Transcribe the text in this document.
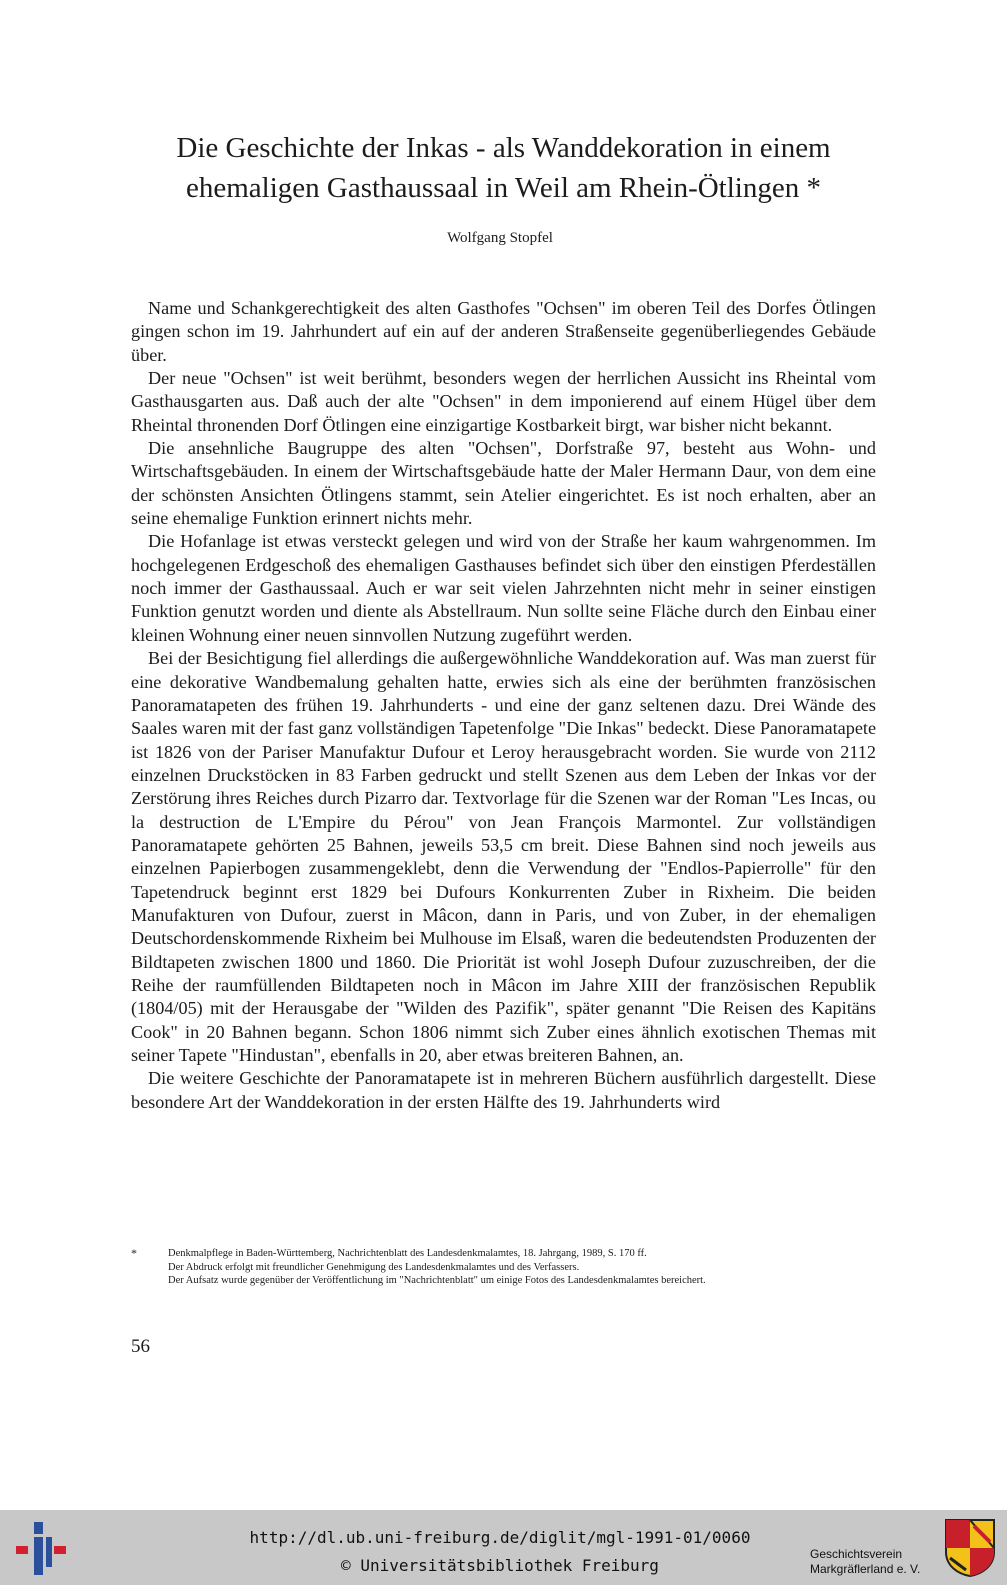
Die Geschichte der Inkas - als Wanddekoration in einem
ehemaligen Gasthaussaal in Weil am Rhein-Ötlingen *
Wolfgang Stopfel

Name und Schankgerechtigkeit des alten Gasthofes "Ochsen" im oberen Teil des Dorfes Ötlingen gingen schon im 19. Jahrhundert auf ein auf der anderen Straßenseite gegenüberliegendes Gebäude über.

Der neue "Ochsen" ist weit berühmt, besonders wegen der herrlichen Aussicht ins Rheintal vom Gasthausgarten aus. Daß auch der alte "Ochsen" in dem imponierend auf einem Hügel über dem Rheintal thronenden Dorf Ötlingen eine einzigartige Kostbarkeit birgt, war bisher nicht bekannt.

Die ansehnliche Baugruppe des alten "Ochsen", Dorfstraße 97, besteht aus Wohn- und Wirtschaftsgebäuden. In einem der Wirtschaftsgebäude hatte der Maler Hermann Daur, von dem eine der schönsten Ansichten Ötlingens stammt, sein Atelier eingerichtet. Es ist noch erhalten, aber an seine ehemalige Funktion erinnert nichts mehr.

Die Hofanlage ist etwas versteckt gelegen und wird von der Straße her kaum wahrgenommen. Im hochgelegenen Erdgeschoß des ehemaligen Gasthauses befindet sich über den einstigen Pferdeställen noch immer der Gasthaussaal. Auch er war seit vielen Jahrzehnten nicht mehr in seiner einstigen Funktion genutzt worden und diente als Abstellraum. Nun sollte seine Fläche durch den Einbau einer kleinen Wohnung einer neuen sinnvollen Nutzung zugeführt werden.

Bei der Besichtigung fiel allerdings die außergewöhnliche Wanddekoration auf. Was man zuerst für eine dekorative Wandbemalung gehalten hatte, erwies sich als eine der berühmten französischen Panoramatapeten des frühen 19. Jahrhunderts - und eine der ganz seltenen dazu. Drei Wände des Saales waren mit der fast ganz vollständigen Tapetenfolge "Die Inkas" bedeckt. Diese Panoramatapete ist 1826 von der Pariser Manufaktur Dufour et Leroy herausgebracht worden. Sie wurde von 2112 einzelnen Druckstöcken in 83 Farben gedruckt und stellt Szenen aus dem Leben der Inkas vor der Zerstörung ihres Reiches durch Pizarro dar. Textvorlage für die Szenen war der Roman "Les Incas, ou la destruction de L'Empire du Pérou" von Jean François Marmontel. Zur vollständigen Panoramatapete gehörten 25 Bahnen, jeweils 53,5 cm breit. Diese Bahnen sind noch jeweils aus einzelnen Papierbogen zusammengeklebt, denn die Verwendung der "Endlos-Papierrolle" für den Tapetendruck beginnt erst 1829 bei Dufours Konkurrenten Zuber in Rixheim. Die beiden Manufakturen von Dufour, zuerst in Mâcon, dann in Paris, und von Zuber, in der ehemaligen Deutschordenskommende Rixheim bei Mulhouse im Elsaß, waren die bedeutendsten Produzenten der Bildtapeten zwischen 1800 und 1860. Die Priorität ist wohl Joseph Dufour zuzuschreiben, der die Reihe der raumfüllenden Bildtapeten noch in Mâcon im Jahre XIII der französischen Republik (1804/05) mit der Herausgabe der "Wilden des Pazifik", später genannt "Die Reisen des Kapitäns Cook" in 20 Bahnen begann. Schon 1806 nimmt sich Zuber eines ähnlich exotischen Themas mit seiner Tapete "Hindustan", ebenfalls in 20, aber etwas breiteren Bahnen, an.

Die weitere Geschichte der Panoramatapete ist in mehreren Büchern ausführlich dargestellt. Diese besondere Art der Wanddekoration in der ersten Hälfte des 19. Jahrhunderts wird

*	Denkmalpflege in Baden-Württemberg, Nachrichtenblatt des Landesdenkmalamtes, 18. Jahrgang, 1989, S. 170 ff.
Der Abdruck erfolgt mit freundlicher Genehmigung des Landesdenkmalamtes und des Verfassers.
Der Aufsatz wurde gegenüber der Veröffentlichung im "Nachrichtenblatt" um einige Fotos des Landesdenkmalamtes bereichert.
56
http://dl.ub.uni-freiburg.de/diglit/mgl-1991-01/0060
© Universitätsbibliothek Freiburg
Geschichtsverein
Markgräflerland e. V.
